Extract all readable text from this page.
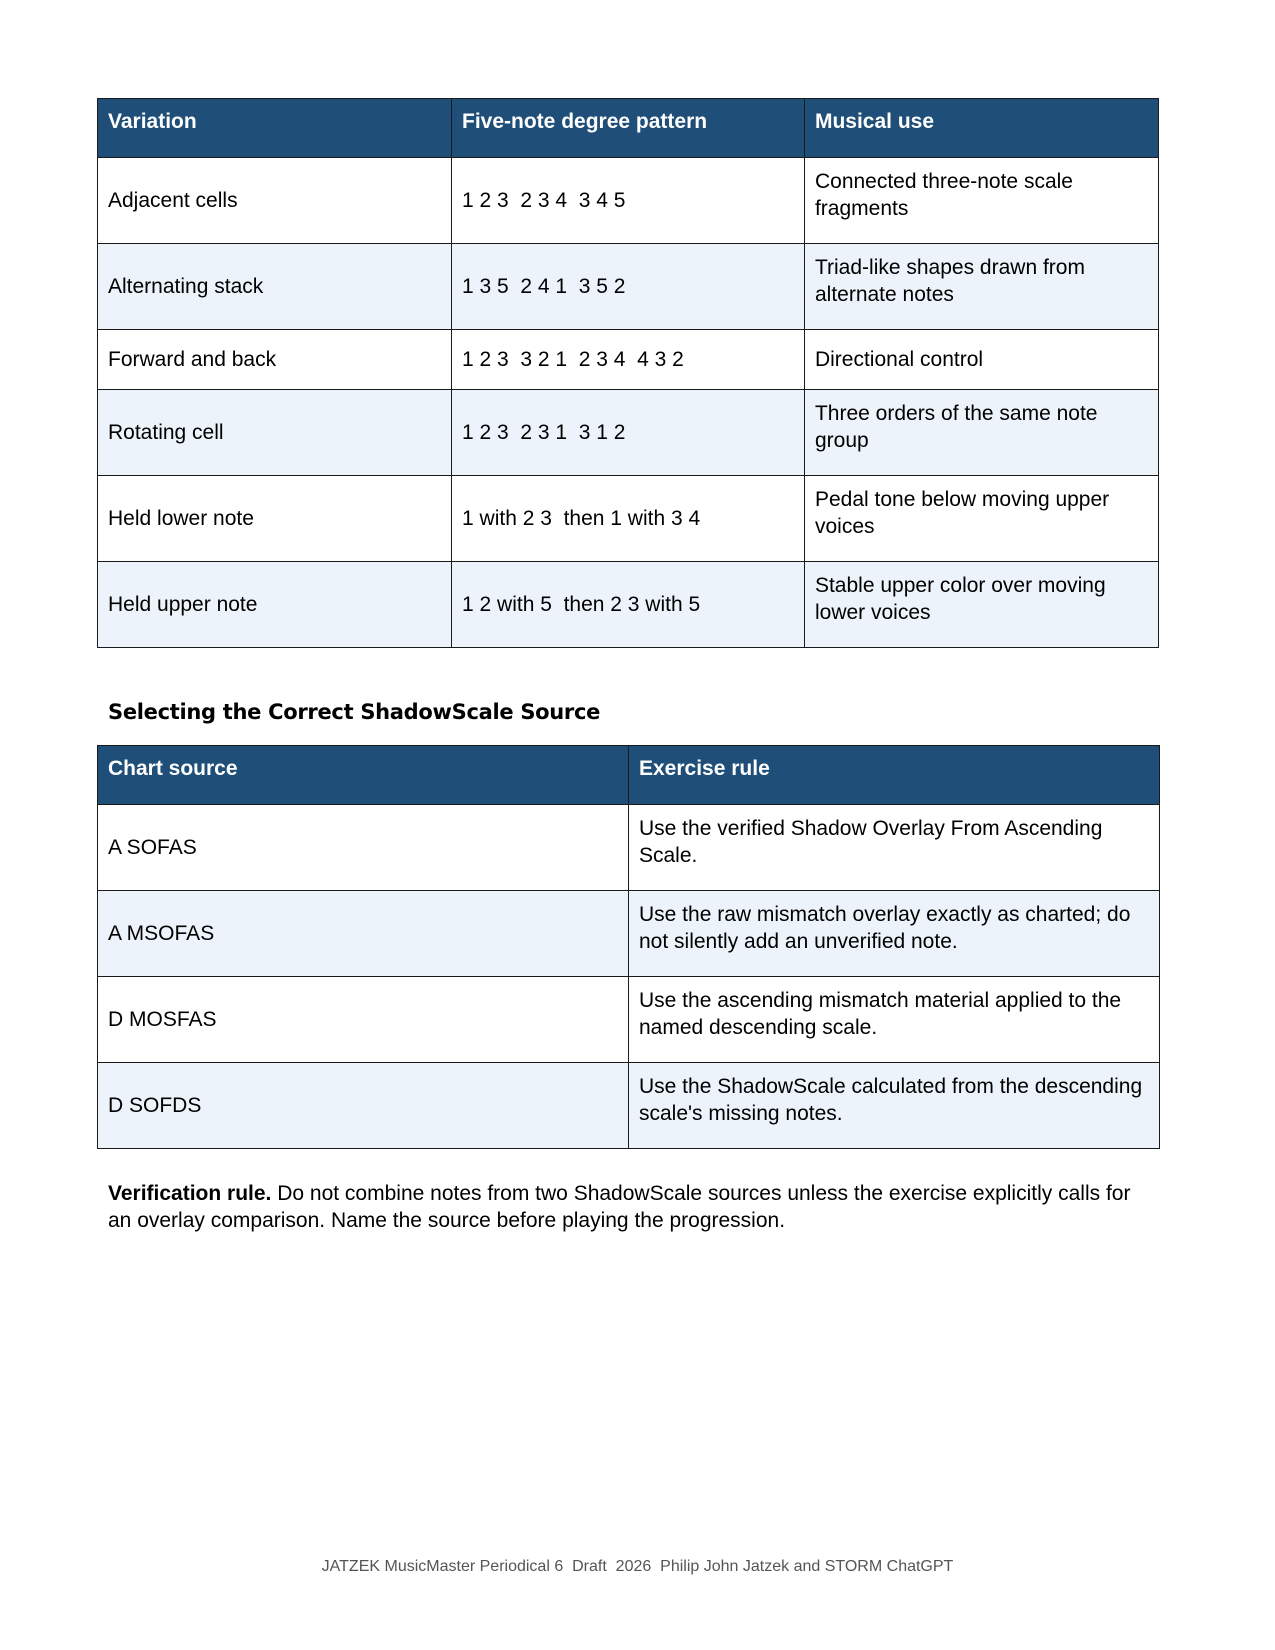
Variation	Five-note degree pattern	Musical use
Adjacent cells	1 2 3  2 3 4  3 4 5	Connected three-note scale fragments
Alternating stack	1 3 5  2 4 1  3 5 2	Triad-like shapes drawn from alternate notes
Forward and back	1 2 3  3 2 1  2 3 4  4 3 2	Directional control
Rotating cell	1 2 3  2 3 1  3 1 2	Three orders of the same note group
Held lower note	1 with 2 3  then 1 with 3 4	Pedal tone below moving upper voices
Held upper note	1 2 with 5  then 2 3 with 5	Stable upper color over moving lower voices
Selecting the Correct ShadowScale Source
Chart source	Exercise rule
A SOFAS	Use the verified Shadow Overlay From Ascending Scale.
A MSOFAS	Use the raw mismatch overlay exactly as charted; do not silently add an unverified note.
D MOSFAS	Use the ascending mismatch material applied to the named descending scale.
D SOFDS	Use the ShadowScale calculated from the descending scale's missing notes.

Verification rule. Do not combine notes from two ShadowScale sources unless the exercise explicitly calls for an overlay comparison. Name the source before playing the progression.

JATZEK MusicMaster Periodical 6  Draft  2026  Philip John Jatzek and STORM ChatGPT
